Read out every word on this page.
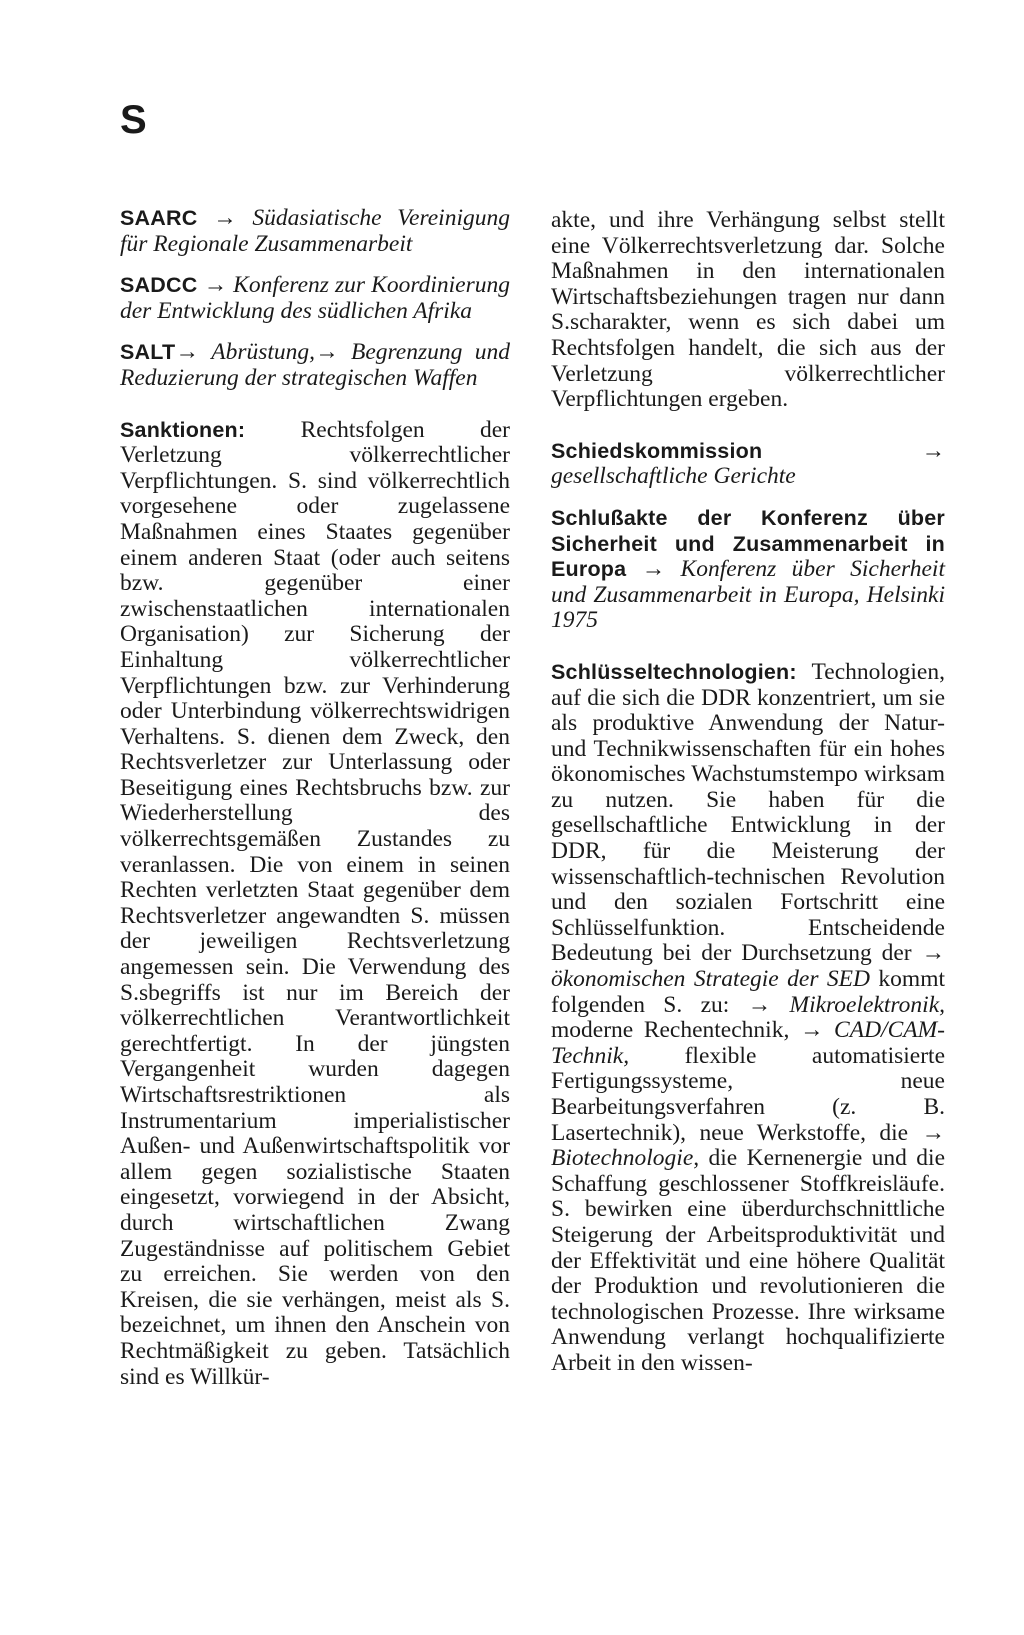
S

SAARC → Südasiatische Vereinigung für Regionale Zusammenarbeit

SADCC → Konferenz zur Koordinierung der Entwicklung des südlichen Afrika

SALT→ Abrüstung,→ Begrenzung und Reduzierung der strategischen Waffen

Sanktionen: Rechtsfolgen der Verletzung völkerrechtlicher Verpflichtungen. S. sind völkerrechtlich vorgesehene oder zugelassene Maßnahmen eines Staates gegenüber einem anderen Staat (oder auch seitens bzw. gegenüber einer zwischenstaatlichen internationalen Organisation) zur Sicherung der Einhaltung völkerrechtlicher Verpflichtungen bzw. zur Verhinderung oder Unterbindung völkerrechtswidrigen Verhaltens. S. dienen dem Zweck, den Rechtsverletzer zur Unterlassung oder Beseitigung eines Rechtsbruchs bzw. zur Wiederherstellung des völkerrechtsgemäßen Zustandes zu veranlassen. Die von einem in seinen Rechten verletzten Staat gegenüber dem Rechtsverletzer angewandten S. müssen der jeweiligen Rechtsverletzung angemessen sein. Die Verwendung des S.sbegriffs ist nur im Bereich der völkerrechtlichen Verantwortlichkeit gerechtfertigt. In der jüngsten Vergangenheit wurden dagegen Wirtschaftsrestriktionen als Instrumentarium imperialistischer Außen- und Außenwirtschaftspolitik vor allem gegen sozialistische Staaten eingesetzt, vorwiegend in der Absicht, durch wirtschaftlichen Zwang Zugeständnisse auf politischem Gebiet zu erreichen. Sie werden von den Kreisen, die sie verhängen, meist als S. bezeichnet, um ihnen den Anschein von Rechtmäßigkeit zu geben. Tatsächlich sind es Willkür-

akte, und ihre Verhängung selbst stellt eine Völkerrechtsverletzung dar. Solche Maßnahmen in den internationalen Wirtschaftsbeziehungen tragen nur dann S.scharakter, wenn es sich dabei um Rechtsfolgen handelt, die sich aus der Verletzung völkerrechtlicher Verpflichtungen ergeben.

Schiedskommission	→ gesellschaftliche Gerichte

Schlußakte der Konferenz über Sicherheit und Zusammenarbeit in Europa → Konferenz über Sicherheit und Zusammenarbeit in Europa, Helsinki 1975

Schlüsseltechnologien: Technologien, auf die sich die DDR konzentriert, um sie als produktive Anwendung der Natur- und Technikwissenschaften für ein hohes ökonomisches Wachstumstempo wirksam zu nutzen. Sie haben für die gesellschaftliche Entwicklung in der DDR, für die Meisterung der wissenschaftlich-technischen Revolution und den sozialen Fortschritt eine Schlüsselfunktion. Entscheidende Bedeutung bei der Durchsetzung der → ökonomischen Strategie der SED kommt folgenden S. zu: → Mikroelektronik, moderne Rechentechnik, → CAD/CAM-Technik, flexible automatisierte Fertigungssysteme, neue Bearbeitungsverfahren (z. B. Lasertechnik), neue Werkstoffe, die → Biotechnologie, die Kernenergie und die Schaffung geschlossener Stoffkreisläufe. S. bewirken eine überdurchschnittliche Steigerung der Arbeitsproduktivität und der Effektivität und eine höhere Qualität der Produktion und revolutionieren die technologischen Prozesse. Ihre wirksame Anwendung verlangt hochqualifizierte Arbeit in den wissen-
